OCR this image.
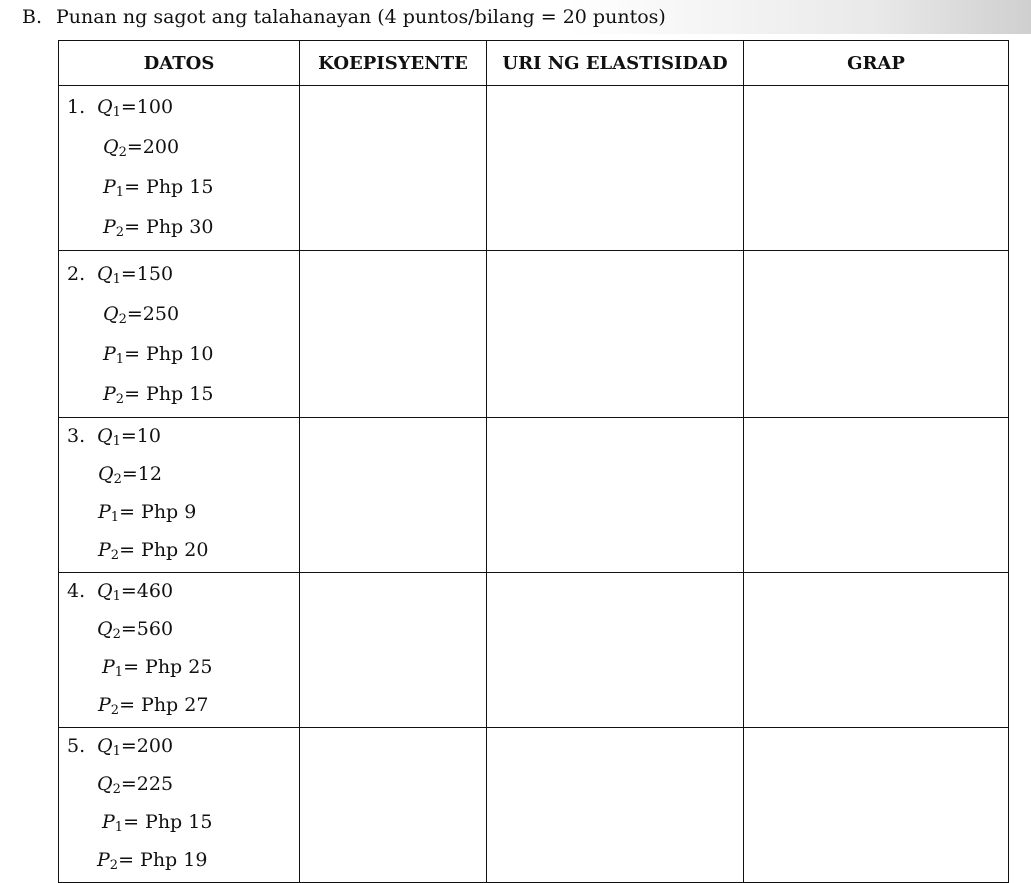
B. Punan ng sagot ang talahanayan (4 puntos/bilang = 20 puntos)
DATOS	KOEPISYENTE	URI NG ELASTISIDAD	GRAP

1. $Q_1=100$
$Q_2=200$
$P_1=$ Php 15
$P_2=$ Php 30			

2. $Q_1=150$
$Q_2=250$
$P_1=$ Php 10
$P_2=$ Php 15			

3. $Q_1=10$
$Q_2=12$
$P_1=$ Php 9
$P_2=$ Php 20			

4. $Q_1=460$
$Q_2=560$
$P_1=$ Php 25
$P_2=$ Php 27			

5. $Q_1=200$
$Q_2=225$
$P_1=$ Php 15
$P_2=$ Php 19			
